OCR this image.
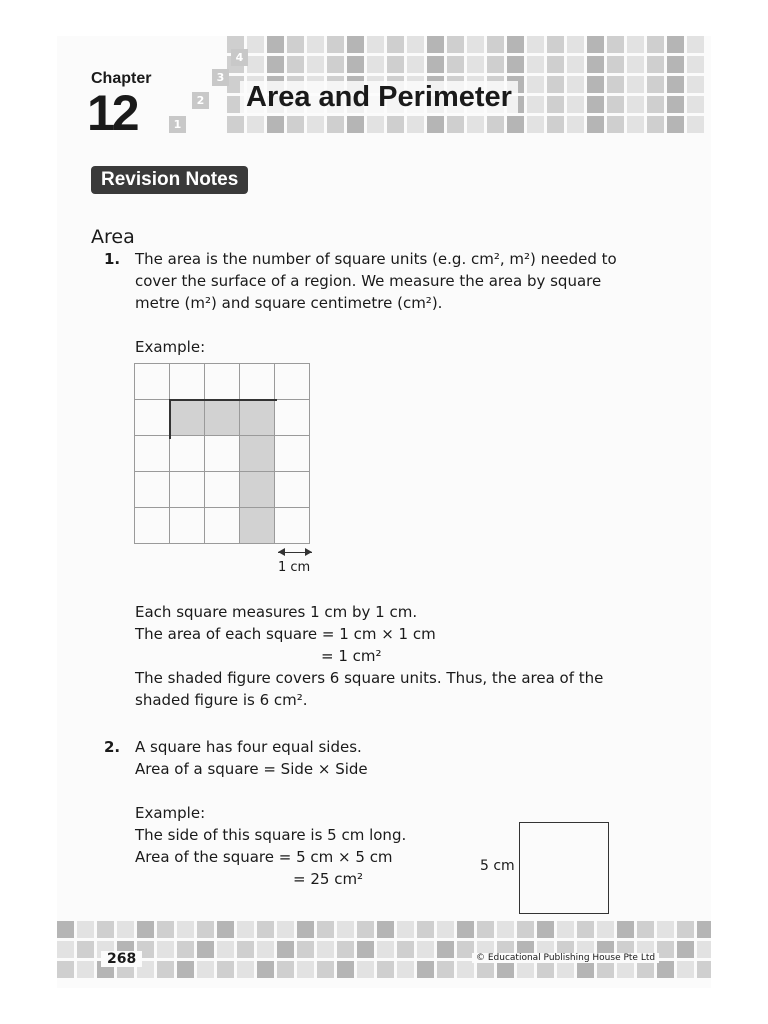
4
3
2
1
Chapter
12	Area and Perimeter
Revision Notes
Area
1. The area is the number of square units (e.g. cm², m²) needed to
cover the surface of a region. We measure the area by square
metre (m²) and square centimetre (cm²).
Example:

1 cm
Each square measures 1 cm by 1 cm.
The area of each square = 1 cm × 1 cm
= 1 cm²
The shaded figure covers 6 square units. Thus, the area of the
shaded figure is 6 cm².
2. A square has four equal sides.
Area of a square = Side × Side
Example:
The side of this square is 5 cm long.
Area of the square = 5 cm × 5 cm
= 25 cm²
5 cm
268	© Educational Publishing House Pte Ltd
